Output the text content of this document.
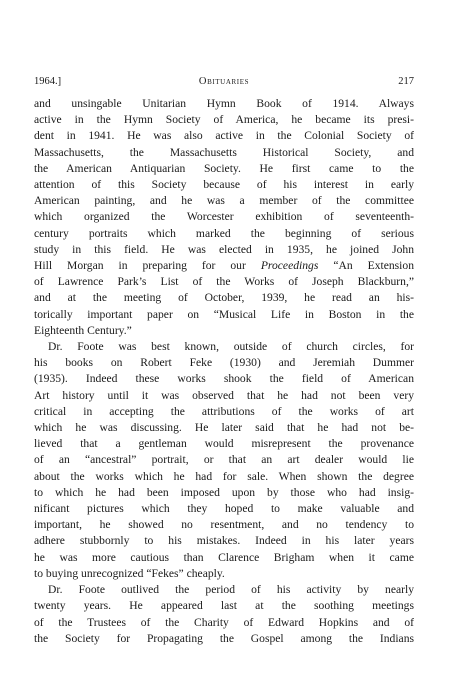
1964.]	Obituaries	217
and unsingable Unitarian Hymn Book of 1914. Always
active in the Hymn Society of America, he became its presi-
dent in 1941. He was also active in the Colonial Society of
Massachusetts, the Massachusetts Historical Society, and
the American Antiquarian Society. He first came to the
attention of this Society because of his interest in early
American painting, and he was a member of the committee
which organized the Worcester exhibition of seventeenth-
century portraits which marked the beginning of serious
study in this field. He was elected in 1935, he joined John
Hill Morgan in preparing for our Proceedings “An Extension
of Lawrence Park’s List of the Works of Joseph Blackburn,”
and at the meeting of October, 1939, he read an his-
torically important paper on “Musical Life in Boston in the
Eighteenth Century.”
Dr. Foote was best known, outside of church circles, for
his books on Robert Feke (1930) and Jeremiah Dummer
(1935). Indeed these works shook the field of American
Art history until it was observed that he had not been very
critical in accepting the attributions of the works of art
which he was discussing. He later said that he had not be-
lieved that a gentleman would misrepresent the provenance
of an “ancestral” portrait, or that an art dealer would lie
about the works which he had for sale. When shown the degree
to which he had been imposed upon by those who had insig-
nificant pictures which they hoped to make valuable and
important, he showed no resentment, and no tendency to
adhere stubbornly to his mistakes. Indeed in his later years
he was more cautious than Clarence Brigham when it came
to buying unrecognized “Fekes” cheaply.
Dr. Foote outlived the period of his activity by nearly
twenty years. He appeared last at the soothing meetings
of the Trustees of the Charity of Edward Hopkins and of
the Society for Propagating the Gospel among the Indians
